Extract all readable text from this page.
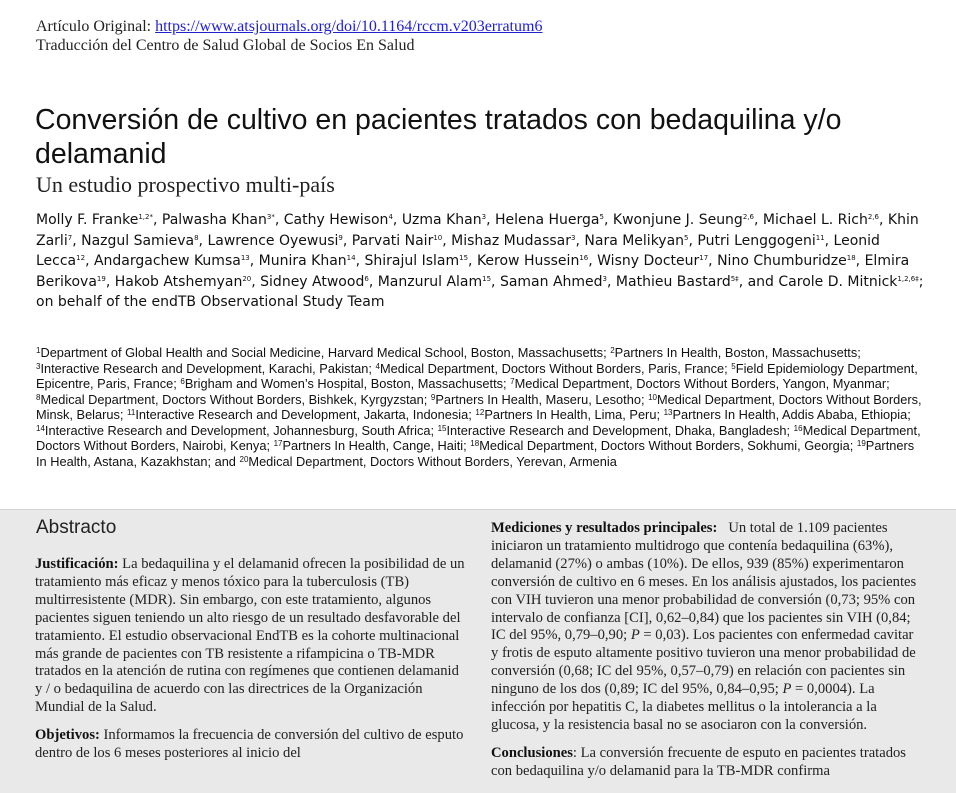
Artículo Original: https://www.atsjournals.org/doi/10.1164/rccm.v203erratum6
Traducción del Centro de Salud Global de Socios En Salud
Conversión de cultivo en pacientes tratados con bedaquilina y/o delamanid
Un estudio prospectivo multi-país
Molly F. Franke$^{1,2*}$, Palwasha Khan$^{3*}$, Cathy Hewison$^4$, Uzma Khan$^3$, Helena Huerga$^5$, Kwonjune J. Seung$^{2,6}$, Michael L. Rich$^{2,6}$, Khin Zarli$^7$, Nazgul Samieva$^8$, Lawrence Oyewusi$^9$, Parvati Nair$^{10}$, Mishaz Mudassar$^3$, Nara Melikyan$^5$, Putri Lenggogeni$^{11}$, Leonid Lecca$^{12}$, Andargachew Kumsa$^{13}$, Munira Khan$^{14}$, Shirajul Islam$^{15}$, Kerow Hussein$^{16}$, Wisny Docteur$^{17}$, Nino Chumburidze$^{18}$, Elmira Berikova$^{19}$, Hakob Atshemyan$^{20}$, Sidney Atwood$^6$, Manzurul Alam$^{15}$, Saman Ahmed$^3$, Mathieu Bastard$^{5\ddagger}$, and Carole D. Mitnick$^{1,2,6\ddagger}$; on behalf of the endTB Observational Study Team
$^1$Department of Global Health and Social Medicine, Harvard Medical School, Boston, Massachusetts; $^2$Partners In Health, Boston, Massachusetts; $^3$Interactive Research and Development, Karachi, Pakistan; $^4$Medical Department, Doctors Without Borders, Paris, France; $^5$Field Epidemiology Department, Epicentre, Paris, France; $^6$Brigham and Women’s Hospital, Boston, Massachusetts; $^7$Medical Department, Doctors Without Borders, Yangon, Myanmar; $^8$Medical Department, Doctors Without Borders, Bishkek, Kyrgyzstan; $^9$Partners In Health, Maseru, Lesotho; $^{10}$Medical Department, Doctors Without Borders, Minsk, Belarus; $^{11}$Interactive Research and Development, Jakarta, Indonesia; $^{12}$Partners In Health, Lima, Peru; $^{13}$Partners In Health, Addis Ababa, Ethiopia; $^{14}$Interactive Research and Development, Johannesburg, South Africa; $^{15}$Interactive Research and Development, Dhaka, Bangladesh; $^{16}$Medical Department, Doctors Without Borders, Nairobi, Kenya; $^{17}$Partners In Health, Cange, Haiti; $^{18}$Medical Department, Doctors Without Borders, Sokhumi, Georgia; $^{19}$Partners In Health, Astana, Kazakhstan; and $^{20}$Medical Department, Doctors Without Borders, Yerevan, Armenia
Abstracto

Justificación: La bedaquilina y el delamanid ofrecen la posibilidad de un tratamiento más eficaz y menos tóxico para la tuberculosis (TB) multirresistente (MDR). Sin embargo, con este tratamiento, algunos pacientes siguen teniendo un alto riesgo de un resultado desfavorable del tratamiento. El estudio observacional EndTB es la cohorte multinacional más grande de pacientes con TB resistente a rifampicina o TB-MDR tratados en la atención de rutina con regímenes que contienen delamanid y / o bedaquilina de acuerdo con las directrices de la Organización Mundial de la Salud.

Objetivos: Informamos la frecuencia de conversión del cultivo de esputo dentro de los 6 meses posteriores al inicio del

Mediciones y resultados principales: Un total de 1.109 pacientes iniciaron un tratamiento multidrogo que contenía bedaquilina (63%), delamanid (27%) o ambas (10%). De ellos, 939 (85%) experimentaron conversión de cultivo en 6 meses. En los análisis ajustados, los pacientes con VIH tuvieron una menor probabilidad de conversión (0,73; 95% con intervalo de confianza [CI], 0,62–0,84) que los pacientes sin VIH (0,84; IC del 95%, 0,79–0,90; P = 0,03). Los pacientes con enfermedad cavitar y frotis de esputo altamente positivo tuvieron una menor probabilidad de conversión (0,68; IC del 95%, 0,57–0,79) en relación con pacientes sin ninguno de los dos (0,89; IC del 95%, 0,84–0,95; P = 0,0004). La infección por hepatitis C, la diabetes mellitus o la intolerancia a la glucosa, y la resistencia basal no se asociaron con la conversión.

Conclusiones: La conversión frecuente de esputo en pacientes tratados con bedaquilina y/o delamanid para la TB-MDR confirma
